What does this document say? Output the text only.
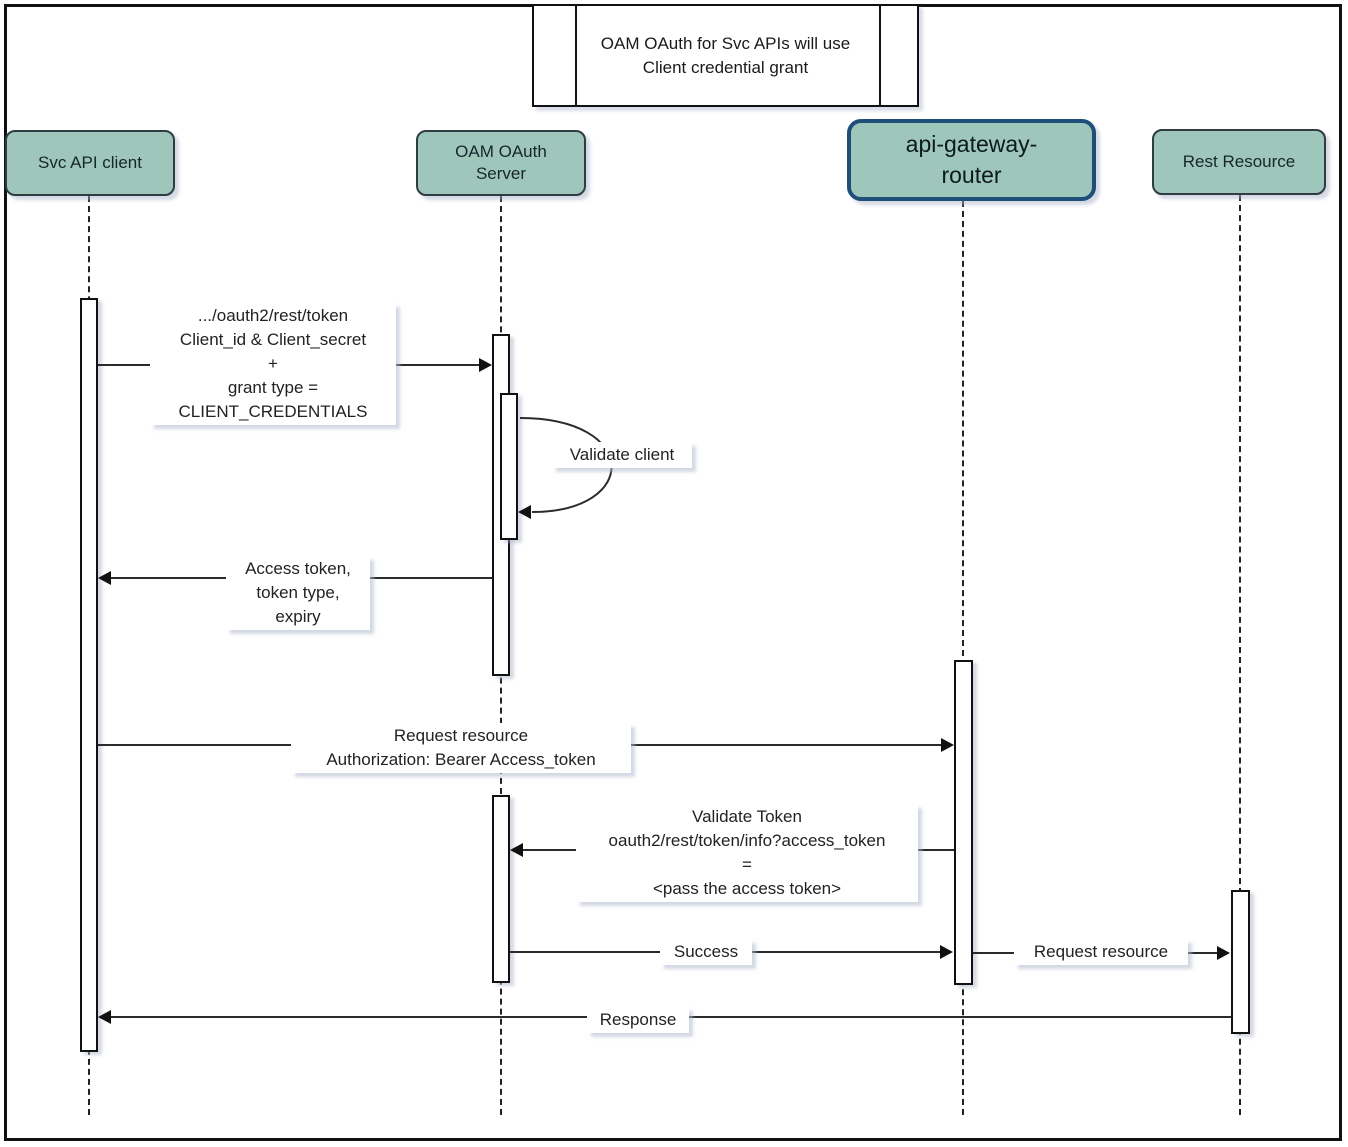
OAM OAuth for Svc APIs will use
Client credential grant
Svc API client
OAM OAuth
Server
api-gateway-
router
Rest Resource
.../oauth2/rest/token
Client_id & Client_secret
+
grant type =
CLIENT_CREDENTIALS
Validate client
Access token,
token type,
expiry
Request resource
Authorization: Bearer Access_token
Validate Token
oauth2/rest/token/info?access_token
=
<pass the access token>
Success	Request resource
Response
